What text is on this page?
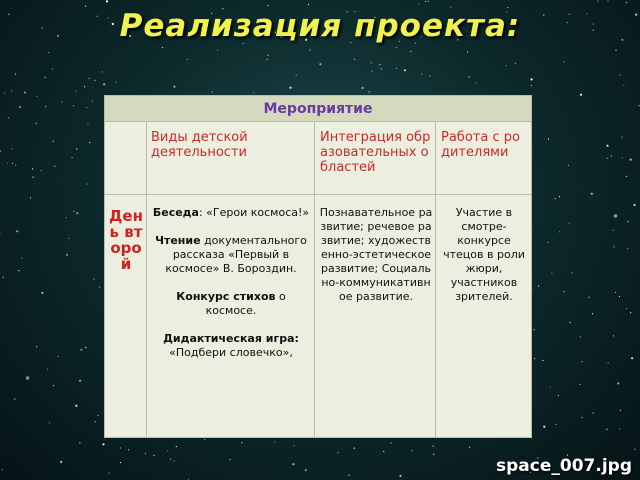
Реализация проекта:
Мероприятие
Виды детской деятельности
Интеграция образовательных областей
Работа с родителями
День второй

Беседа: «Герои космоса!»

Чтение документального рассказа «Первый в космосе» В. Бороздин.

Конкурс стихов о космосе.

Дидактическая игра: «Подбери словечко»,

Познавательное развитие; речевое развитие; художественно-эстетическое развитие; Социально-коммуникативное развитие.
Участие в смотре-конкурсе чтецов в роли жюри, участников зрителей.
space_007.jpg
